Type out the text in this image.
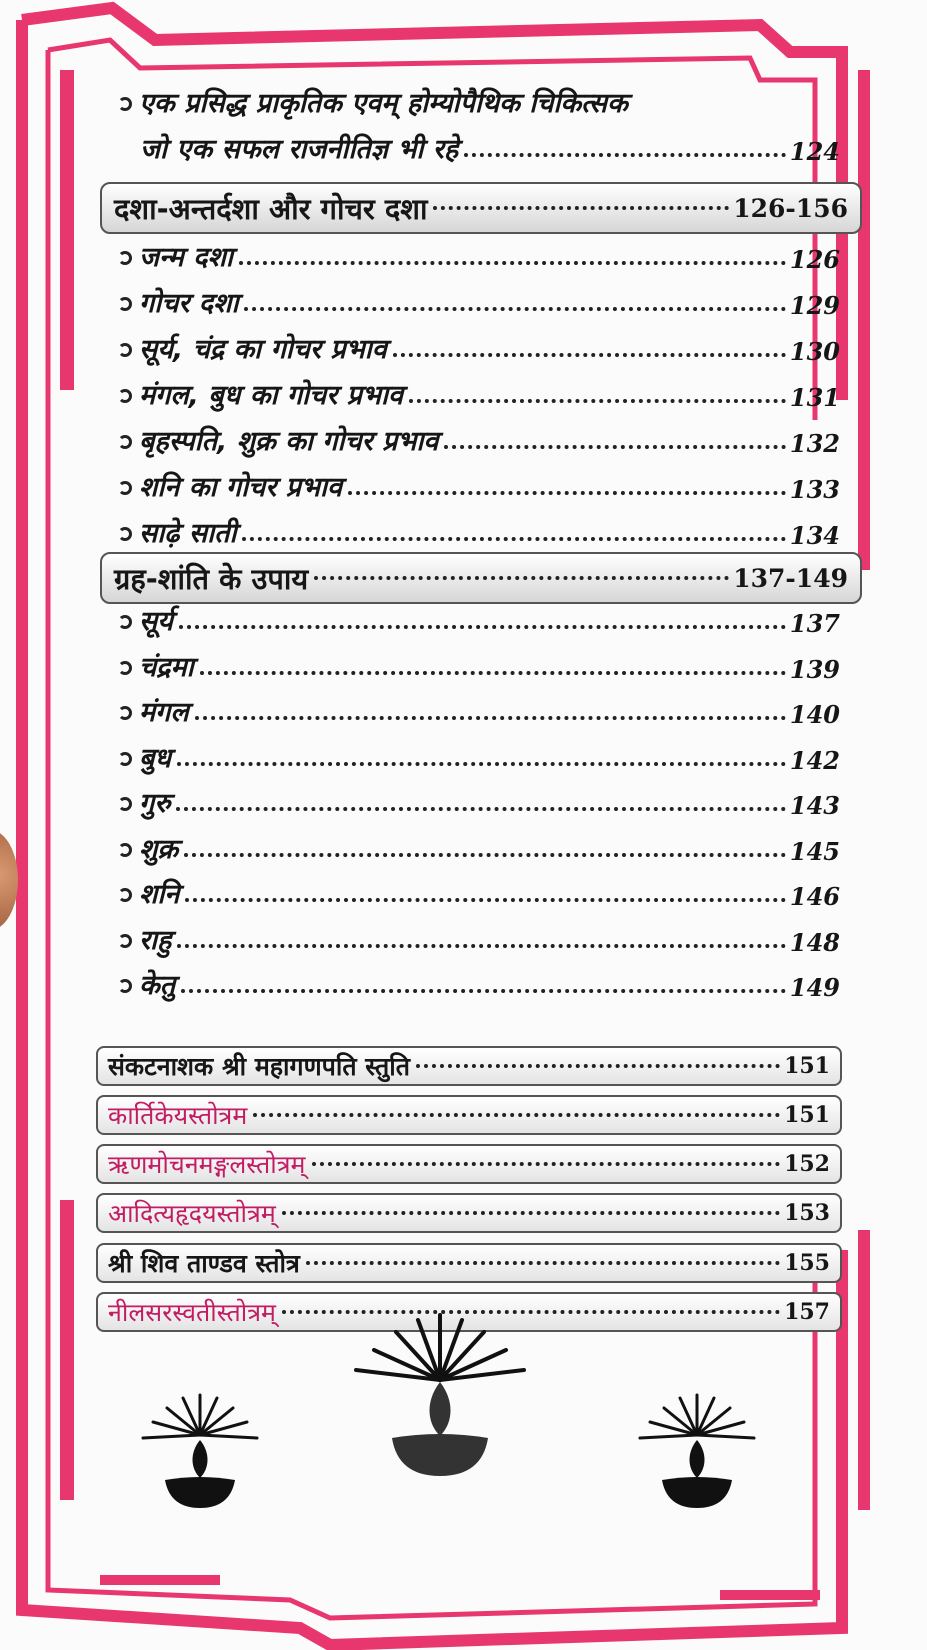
एक प्रसिद्ध प्राकृतिक एवम् होम्योपैथिक चिकित्सक
जो एक सफल राजनीतिज्ञ भी रहे	124
दशा-अन्तर्दशा और गोचर दशा	126-156
जन्म दशा	126
गोचर दशा	129
सूर्य, चंद्र का गोचर प्रभाव	130
मंगल, बुध का गोचर प्रभाव	131
बृहस्पति, शुक्र का गोचर प्रभाव	132
शनि का गोचर प्रभाव	133
साढ़े साती	134
ग्रह-शांति के उपाय	137-149
सूर्य	137
चंद्रमा	139
मंगल	140
बुध	142
गुरु	143
शुक्र	145
शनि	146
राहु	148
केतु	149
संकटनाशक श्री महागणपति स्तुति	151
कार्तिकेयस्तोत्रम	151
ऋणमोचनमङ्गलस्तोत्रम्	152
आदित्यहृदयस्तोत्रम्	153
श्री शिव ताण्डव स्तोत्र	155
नीलसरस्वतीस्तोत्रम्	157
